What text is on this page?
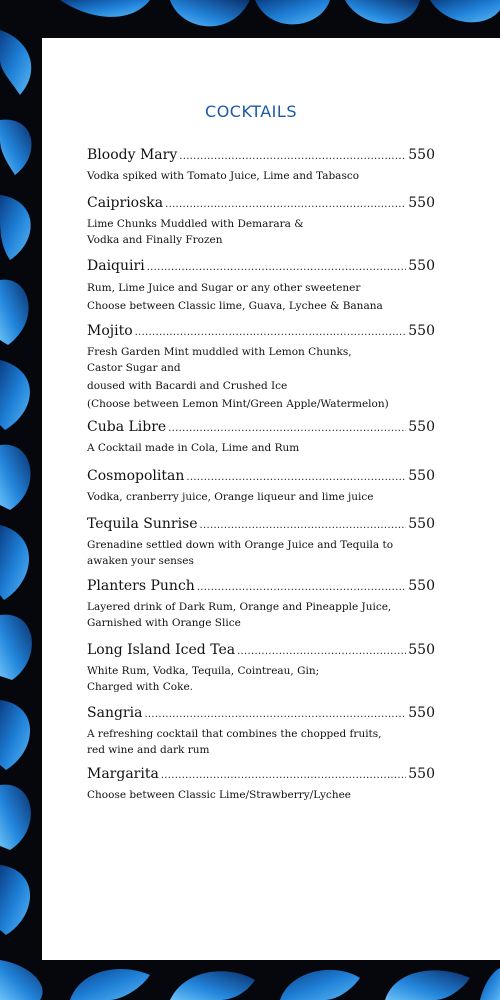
COCKTAILS
Bloody Mary .....	550
Vodka spiked with Tomato Juice, Lime and Tabasco
Caiprioska .....	550
Lime Chunks Muddled with Demarara &
Vodka and Finally Frozen
Daiquiri .....	550
Rum, Lime Juice and Sugar or any other sweetener
Choose between Classic lime, Guava, Lychee & Banana
Mojito .....	550
Fresh Garden Mint muddled with Lemon Chunks,
Castor Sugar and
doused with Bacardi and Crushed Ice
(Choose between Lemon Mint/Green Apple/Watermelon)
Cuba Libre .....	550
A Cocktail made in Cola, Lime and Rum
Cosmopolitan .....	550
Vodka, cranberry juice, Orange liqueur and lime juice
Tequila Sunrise .....	550
Grenadine settled down with Orange Juice and Tequila to
awaken your senses
Planters Punch .....	550
Layered drink of Dark Rum, Orange and Pineapple Juice,
Garnished with Orange Slice
Long Island Iced Tea .....	550
White Rum, Vodka, Tequila, Cointreau, Gin;
Charged with Coke.
Sangria .....	550
A refreshing cocktail that combines the chopped fruits,
red wine and dark rum
Margarita .....	550
Choose between Classic Lime/Strawberry/Lychee
